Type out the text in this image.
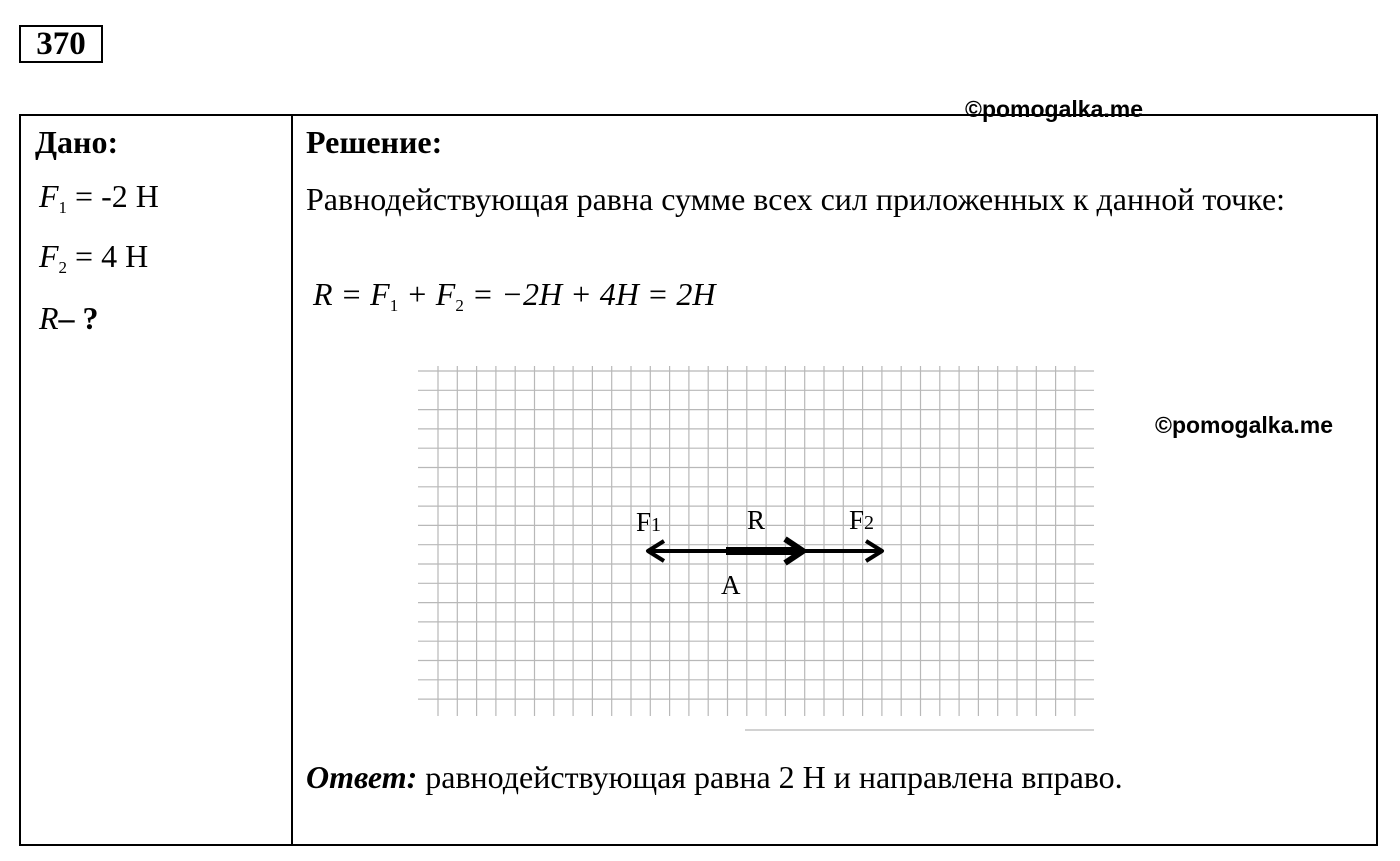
370
©pomogalka.me
Дано:
$F_1 = -2$ Н
$F_2 = 4$ Н
R– ?
Решение:
Равнодействующая равна сумме всех сил приложенных к данной точке:
$R = F_1 + F_2 = -2H + 4H = 2H$
Ответ: равнодействующая равна 2 Н и направлена вправо.
F1	R	F2
A
©pomogalka.me
